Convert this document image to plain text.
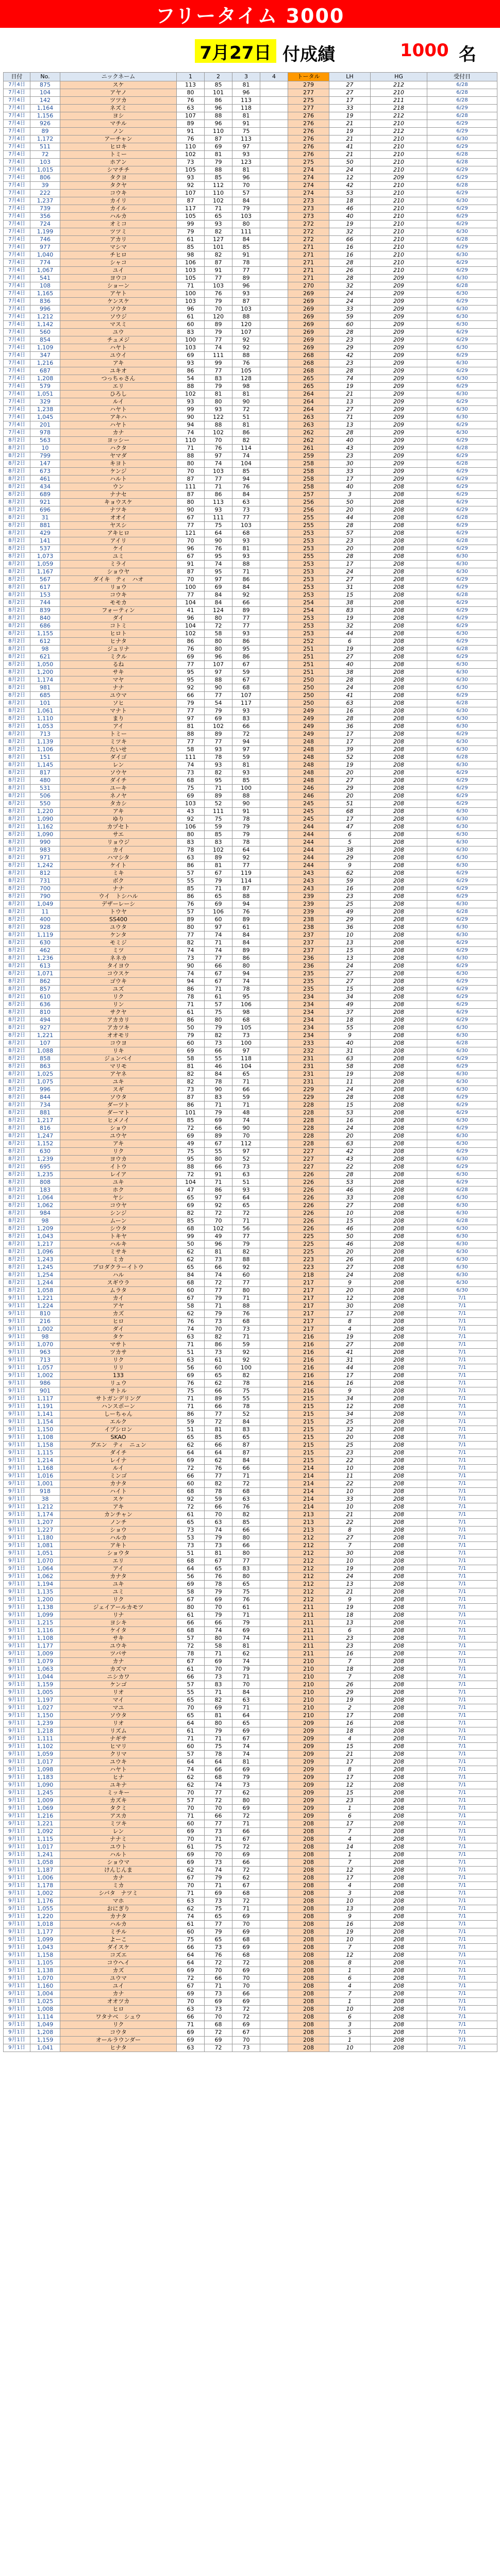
フリータイム 3000
7月27日 付成績	1000 名
日付	No.	ニックネーム	1	2	3	4	トータル	LH	HG	受付日
7月4日	875	スケ	113	85	81		279	27	212	6/28
7月4日	104	アヤノ	80	101	96		277	27	210	6/28
7月4日	142	ツツカ	76	86	113		275	17	211	6/28
7月4日	1,164	ネズミ	63	96	118		277	33	218	6/29
7月4日	1,156	ヨシ	107	88	81		276	19	212	6/28
7月4日	926	マチル	89	96	91		276	21	210	6/29
7月4日	89	ノン	91	110	75		276	19	212	6/29
7月4日	1,172	アーチャン	76	87	113		276	21	210	6/30
7月4日	511	ヒロキ	110	69	97		276	41	210	6/29
7月4日	72	トミー	102	81	93		276	21	210	6/28
7月4日	103	ホアン	73	79	123		275	50	210	6/28
7月4日	1,015	シマチチ	105	88	81		274	24	210	6/29
7月4日	806	タクヨ	93	85	96		274	12	209	6/29
7月4日	39	タクヤ	92	112	70		274	42	210	6/28
7月4日	222	コウキ	107	110	57		274	53	210	6/29
7月4日	1,237	カイリ	87	102	84		273	18	210	6/30
7月4日	739	カイル	117	71	79		273	46	210	6/29
7月4日	356	ハルカ	105	65	103		273	40	210	6/29
7月4日	724	オミコ	99	93	80		272	19	210	6/29
7月4日	1,199	ツツミ	79	82	111		272	32	210	6/30
7月4日	746	アカリ	61	127	84		272	66	210	6/28
7月4日	977	マシマ	85	101	85		271	16	210	6/29
7月4日	1,040	チヒロ	98	82	91		271	16	210	6/30
7月4日	774	シャコ	106	87	78		271	28	210	6/29
7月4日	1,067	ユイ	103	91	77		271	26	210	6/29
7月4日	541	ヨウコ	105	77	89		271	28	209	6/30
7月4日	108	ショーン	71	103	96		270	32	209	6/28
7月4日	1,165	アヤト	100	76	93		269	24	209	6/30
7月4日	836	ケンスケ	103	79	87		269	24	209	6/29
7月4日	996	ソウタ	96	70	103		269	33	209	6/30
7月4日	1,212	ソウジ	61	120	88		269	59	209	6/30
7月4日	1,142	マスミ	60	89	120		269	60	209	6/30
7月4日	560	ユウ	83	79	107		269	28	209	6/29
7月4日	854	チュメジ	100	77	92		269	23	209	6/29
7月4日	1,109	ハヤト	103	74	92		269	29	209	6/30
7月4日	347	ユウイ	69	111	88		268	42	209	6/29
7月4日	1,216	アキ	93	99	76		268	23	209	6/30
7月4日	687	ユキオ	86	77	105		268	28	209	6/29
7月4日	1,208	つっちゃさん	54	83	128		265	74	209	6/30
7月4日	579	エリ	88	79	98		265	19	209	6/29
7月4日	1,051	ひろし	102	81	81		264	21	209	6/30
7月4日	329	ルイ	93	80	90		264	13	209	6/29
7月4日	1,238	ハヤト	99	93	72		264	27	209	6/30
7月4日	1,045	アキハ	90	122	51		263	71	209	6/30
7月4日	201	ハヤト	94	88	81		263	13	209	6/29
7月4日	978	カナ	74	102	86		262	28	209	6/30
8月2日	563	ヨッシー	110	70	82		262	40	209	6/29
8月2日	10	ハクタ	71	76	114		261	43	209	6/28
8月2日	799	ヤマダ	88	97	74		259	23	209	6/29
8月2日	147	キヨト	80	74	104		258	30	209	6/28
8月2日	673	ケンジ	70	103	85		258	33	209	6/29
8月2日	461	ハルト	87	77	94		258	17	209	6/29
8月2日	434	ウン	111	71	76		258	40	208	6/29
8月2日	689	ナナセ	87	86	84		257	3	208	6/29
8月2日	921	キョウスケ	80	113	63		256	50	208	6/29
8月2日	696	ナツキ	90	93	73		256	20	208	6/29
8月2日	31	オオイ	67	111	77		255	44	208	6/28
8月2日	881	ヤスシ	77	75	103		255	28	208	6/29
8月2日	429	アキヒロ	121	64	68		253	57	208	6/29
8月2日	141	アイリ	70	90	93		253	23	208	6/28
8月2日	537	ケイ	96	76	81		253	20	208	6/29
8月2日	1,073	ユミ	67	95	93		255	28	208	6/30
8月2日	1,059	ミライ	91	74	88		253	17	208	6/30
8月2日	1,167	ショウヤ	87	95	71		253	24	208	6/30
8月2日	567	ダイキ　ティ　ハオ	70	97	86		253	27	208	6/29
8月2日	617	リョウ	100	69	84		253	31	208	6/29
8月2日	153	コウキ	77	84	92		253	15	208	6/28
8月2日	744	モモカ	104	84	66		254	38	208	6/29
8月2日	839	フォーティン	41	124	89		254	83	208	6/29
8月2日	840	ダイ	96	80	77		253	19	208	6/29
8月2日	686	コトミ	104	72	77		253	32	208	6/29
8月2日	1,155	ヒロト	102	58	93		253	44	208	6/30
8月2日	612	ヒナタ	86	80	86		252	6	208	6/29
8月2日	98	ジュリナ	76	80	95		251	19	208	6/28
8月2日	621	ミクル	69	96	86		251	27	208	6/29
8月2日	1,050	るね	77	107	67		251	40	208	6/30
8月2日	1,200	サキ	95	97	59		251	38	208	6/30
8月2日	1,174	マヤ	95	88	67		250	28	208	6/30
8月2日	981	ナナ	92	90	68		250	24	208	6/30
8月2日	685	ユウマ	66	77	107		250	41	208	6/29
8月2日	101	ソヒ	79	54	117		250	63	208	6/28
8月2日	1,061	マナト	77	79	93		249	16	208	6/30
8月2日	1,110	まり	97	69	83		249	28	208	6/30
8月2日	1,053	アイ	81	102	66		249	36	208	6/30
8月2日	713	トミー	88	89	72		249	17	208	6/29
8月2日	1,139	ミツキ	77	77	94		248	17	208	6/30
8月2日	1,106	たいせ	58	93	97		248	39	208	6/30
8月2日	151	ダイゴ	111	78	59		248	52	208	6/28
8月2日	1,145	レン	74	93	81		248	19	208	6/30
8月2日	817	ソウヤ	73	82	93		248	20	208	6/29
8月2日	480	ダイチ	68	95	85		248	27	208	6/29
8月2日	531	ユーキ	75	71	100		246	29	208	6/29
8月2日	506	ネノヤ	69	89	88		246	20	208	6/29
8月2日	550	タカシ	103	52	90		245	51	208	6/29
8月2日	1,220	アキ	43	111	91		245	68	208	6/30
8月2日	1,090	ゆり	92	75	78		245	17	208	6/30
8月2日	1,162	カヅセト	106	59	79		244	47	208	6/30
8月2日	1,090	サエ	80	85	79		244	6	208	6/30
8月2日	990	リョウジ	83	83	78		244	5	208	6/30
8月2日	983	カイ	78	102	64		244	38	208	6/30
8月2日	971	ハマシタ	63	89	92		244	29	208	6/30
8月2日	1,242	ケイト	86	81	77		244	9	208	6/30
8月2日	812	ミキ	57	67	119		243	62	208	6/29
8月2日	731	ボク	55	79	114		243	59	208	6/29
8月2日	700	ナナ	85	71	87		243	16	208	6/29
8月2日	790	ウイ　トシハル	86	65	88		239	23	208	6/29
8月2日	1,049	デザーレーシ	76	69	94		239	25	208	6/30
8月2日	11	トウヤ	57	106	76		239	49	208	6/28
8月2日	400	SS400	89	60	89		238	29	208	6/29
8月2日	928	ユウタ	80	97	61		238	36	208	6/30
8月2日	1,119	ケンタ	77	74	84		237	10	208	6/30
8月2日	630	モミジ	82	71	84		237	13	208	6/29
8月2日	462	ミツ	74	74	89		237	15	208	6/29
8月2日	1,236	ネネカ	73	77	86		236	13	208	6/30
8月2日	613	タイヨウ	90	66	80		236	24	208	6/29
8月2日	1,071	コウスケ	74	67	94		235	27	208	6/30
8月2日	862	ゴウキ	94	67	74		235	27	208	6/29
8月2日	857	ユズ	86	71	78		235	15	208	6/29
8月2日	610	リク	78	61	95		234	34	208	6/29
8月2日	636	リン	71	57	106		234	49	208	6/29
8月2日	810	サクヤ	61	75	98		234	37	208	6/29
8月2日	494	アカカリ	86	80	68		234	18	208	6/29
8月2日	927	アカツキ	50	79	105		234	55	208	6/30
8月2日	1,221	オオモリ	79	82	73		234	9	208	6/30
8月2日	107	コウヨ	60	73	100		233	40	208	6/28
8月2日	1,088	リキ	69	66	97		232	31	208	6/30
8月2日	858	ジュンペイ	58	55	118		231	63	208	6/29
8月2日	863	マリモ	81	46	104		231	58	208	6/29
8月2日	1,025	アヤネ	82	84	65		231	19	208	6/30
8月2日	1,075	ユキ	82	78	71		231	11	208	6/30
8月2日	996	スギ	73	90	66		229	24	208	6/30
8月2日	844	ソウタ	87	83	59		229	28	208	6/29
8月2日	734	ダーツト	86	71	71		228	15	208	6/29
8月2日	881	ダーマト	101	79	48		228	53	208	6/29
8月2日	1,217	ヒメノイ	85	69	74		228	16	208	6/30
8月2日	816	ショウ	72	66	90		228	24	208	6/29
8月2日	1,247	ユウヤ	69	89	70		228	20	208	6/30
8月2日	1,152	アキ	49	67	112		228	63	208	6/30
8月2日	630	リク	75	55	97		227	42	208	6/29
8月2日	1,239	ヨウカ	95	80	52		227	43	208	6/30
8月2日	695	イトウ	88	66	73		227	22	208	6/29
8月2日	1,235	レイア	72	91	63		226	28	208	6/30
8月2日	808	ユキ	104	71	51		226	53	208	6/29
8月2日	183	ホク	47	86	93		226	46	208	6/28
8月2日	1,064	ヤシ	65	97	64		226	33	208	6/30
8月2日	1,062	コウヤ	69	92	65		226	27	208	6/30
8月2日	984	シンジ	82	72	72		226	10	208	6/30
8月2日	98	ムーン	85	70	71		226	15	208	6/28
8月2日	1,209	シウタ	68	102	56		226	46	208	6/30
8月2日	1,043	トキヤ	99	49	77		225	50	208	6/30
8月2日	1,217	ハルキ	50	96	79		225	46	208	6/30
8月2日	1,096	ミサキ	62	81	82		225	20	208	6/30
8月2日	1,243	ミカ	62	73	88		223	26	208	6/30
8月2日	1,245	プロダクラーイトウ	65	66	92		223	27	208	6/30
8月2日	1,254	ハル	84	74	60		218	24	208	6/30
8月2日	1,244	スギウラ	68	72	77		217	9	208	6/30
8月2日	1,058	ムラタ	60	77	80		217	20	208	6/30
9月1日	1,221	カイ	67	79	71		217	12	208	7/1
9月1日	1,224	アヤ	58	71	88		217	30	208	7/1
9月1日	810	カズ	62	79	76		217	17	208	7/1
9月1日	216	ヒロ	76	73	68		217	8	208	7/1
9月1日	1,002	ダイ	74	70	73		217	4	208	7/1
9月1日	98	タケ	63	82	71		216	19	208	7/1
9月1日	1,070	マサト	71	86	59		216	27	208	7/1
9月1日	963	ツカサ	51	73	92		216	41	208	7/1
9月1日	713	リク	63	61	92		216	31	208	7/1
9月1日	1,057	リリ	56	60	100		216	44	208	7/1
9月1日	1,002	133	69	65	82		216	17	208	7/1
9月1日	986	リュウ	76	62	78		216	16	208	7/1
9月1日	901	サトル	75	66	75		216	9	208	7/1
9月1日	1,117	サトガンデリング	71	89	55		215	34	208	7/1
9月1日	1,191	ハンスポーン	71	66	78		215	12	208	7/1
9月1日	1,141	しーちゃん	86	77	52		215	34	208	7/1
9月1日	1,154	エルク	59	72	84		215	25	208	7/1
9月1日	1,150	イプシロン	51	81	83		215	32	208	7/1
9月1日	1,108	SKAO	65	85	65		215	20	208	7/1
9月1日	1,158	グエン　ティ　ニュン	62	66	87		215	25	208	7/1
9月1日	1,115	ダイチ	64	64	87		215	23	208	7/1
9月1日	1,214	レイナ	69	62	84		215	22	208	7/1
9月1日	1,168	ルイ	72	76	66		214	10	208	7/1
9月1日	1,016	ミンゴ	66	77	71		214	11	208	7/1
9月1日	1,001	カナタ	60	82	72		214	22	208	7/1
9月1日	918	ハイト	68	78	68		214	10	208	7/1
9月1日	38	スケ	92	59	63		214	33	208	7/1
9月1日	1,212	アキ	72	66	76		214	10	208	7/1
9月1日	1,174	カンチャン	61	70	82		213	21	208	7/1
9月1日	1,207	ノンチ	65	63	85		213	22	208	7/1
9月1日	1,227	ショウ	73	74	66		213	8	208	7/1
9月1日	1,180	ハルカ	53	79	80		212	27	208	7/1
9月1日	1,081	アキト	73	73	66		212	7	208	7/1
9月1日	1,051	ショウタ	51	81	80		212	30	208	7/1
9月1日	1,070	エリ	68	67	77		212	10	208	7/1
9月1日	1,064	アイ	64	65	83		212	19	208	7/1
9月1日	1,062	カナタ	56	76	80		212	24	208	7/1
9月1日	1,194	ユキ	69	78	65		212	13	208	7/1
9月1日	1,135	ユミ	58	79	75		212	21	208	7/1
9月1日	1,200	リク	67	69	76		212	9	208	7/1
9月1日	1,138	ジェイアールカモツ	80	70	61		211	19	208	7/1
9月1日	1,099	リナ	61	79	71		211	18	208	7/1
9月1日	1,215	ヨシキ	66	66	79		211	13	208	7/1
9月1日	1,116	ケイタ	68	74	69		211	6	208	7/1
9月1日	1,108	サキ	57	80	74		211	23	208	7/1
9月1日	1,177	ユウキ	72	58	81		211	23	208	7/1
9月1日	1,009	ツバサ	78	71	62		211	16	208	7/1
9月1日	1,079	カナ	67	69	74		210	7	208	7/1
9月1日	1,063	カズマ	61	70	79		210	18	208	7/1
9月1日	1,044	ニシカワ	66	73	71		210	7	208	7/1
9月1日	1,159	ケンゴ	57	83	70		210	26	208	7/1
9月1日	1,005	リオ	55	71	84		210	29	208	7/1
9月1日	1,197	マイ	65	82	63		210	19	208	7/1
9月1日	1,027	マユ	70	69	71		210	2	208	7/1
9月1日	1,150	ソウタ	65	81	64		210	17	208	7/1
9月1日	1,239	リオ	64	80	65		209	16	208	7/1
9月1日	1,218	リズム	61	79	69		209	18	208	7/1
9月1日	1,111	ナギサ	71	71	67		209	4	208	7/1
9月1日	1,102	ヒマリ	60	75	74		209	15	208	7/1
9月1日	1,059	クリマ	57	78	74		209	21	208	7/1
9月1日	1,017	ユウキ	64	64	81		209	17	208	7/1
9月1日	1,098	ハヤト	74	66	69		209	8	208	7/1
9月1日	1,183	ヒナ	62	68	79		209	17	208	7/1
9月1日	1,090	ユキナ	62	74	73		209	12	208	7/1
9月1日	1,245	ミッキー	70	77	62		209	15	208	7/1
9月1日	1,009	カズキ	57	72	80		209	23	208	7/1
9月1日	1,069	タクミ	70	70	69		209	1	208	7/1
9月1日	1,216	アスカ	71	66	72		209	6	208	7/1
9月1日	1,221	ミツキ	60	77	71		208	17	208	7/1
9月1日	1,092	レン	69	73	66		208	7	208	7/1
9月1日	1,115	ナナミ	70	71	67		208	4	208	7/1
9月1日	1,017	ユウト	61	75	72		208	14	208	7/1
9月1日	1,241	ハルト	69	70	69		208	1	208	7/1
9月1日	1,058	ショウマ	69	73	66		208	7	208	7/1
9月1日	1,187	けんじんま	62	74	72		208	12	208	7/1
9月1日	1,006	カナ	67	79	62		208	17	208	7/1
9月1日	1,178	ミカ	70	71	67		208	4	208	7/1
9月1日	1,002	シバタ　ナツミ	71	69	68		208	3	208	7/1
9月1日	1,176	マホ	63	73	72		208	10	208	7/1
9月1日	1,055	おにぎり	62	75	71		208	13	208	7/1
9月1日	1,220	カナタ	74	65	69		208	9	208	7/1
9月1日	1,018	ハルカ	61	77	70		208	16	208	7/1
9月1日	1,177	ミチル	60	79	69		208	19	208	7/1
9月1日	1,099	よーこ	75	65	68		208	10	208	7/1
9月1日	1,043	ダイスケ	66	73	69		208	7	208	7/1
9月1日	1,158	コズエ	64	76	68		208	12	208	7/1
9月1日	1,105	コウヘイ	64	72	72		208	8	208	7/1
9月1日	1,138	カズ	69	70	69		208	1	208	7/1
9月1日	1,070	ユウマ	72	66	70		208	6	208	7/1
9月1日	1,160	ユイ	67	71	70		208	4	208	7/1
9月1日	1,004	カナ	69	73	66		208	7	208	7/1
9月1日	1,025	オオツカ	70	69	69		208	1	208	7/1
9月1日	1,008	ヒロ	63	73	72		208	10	208	7/1
9月1日	1,114	ワタナベ　シュウ	66	70	72		208	6	208	7/1
9月1日	1,049	リク	71	68	69		208	3	208	7/1
9月1日	1,208	コウタ	69	72	67		208	5	208	7/1
9月1日	1,159	オールラウンダー	69	69	70		208	1	208	7/1
9月1日	1,041	ヒナタ	63	72	73		208	10	208	7/1
